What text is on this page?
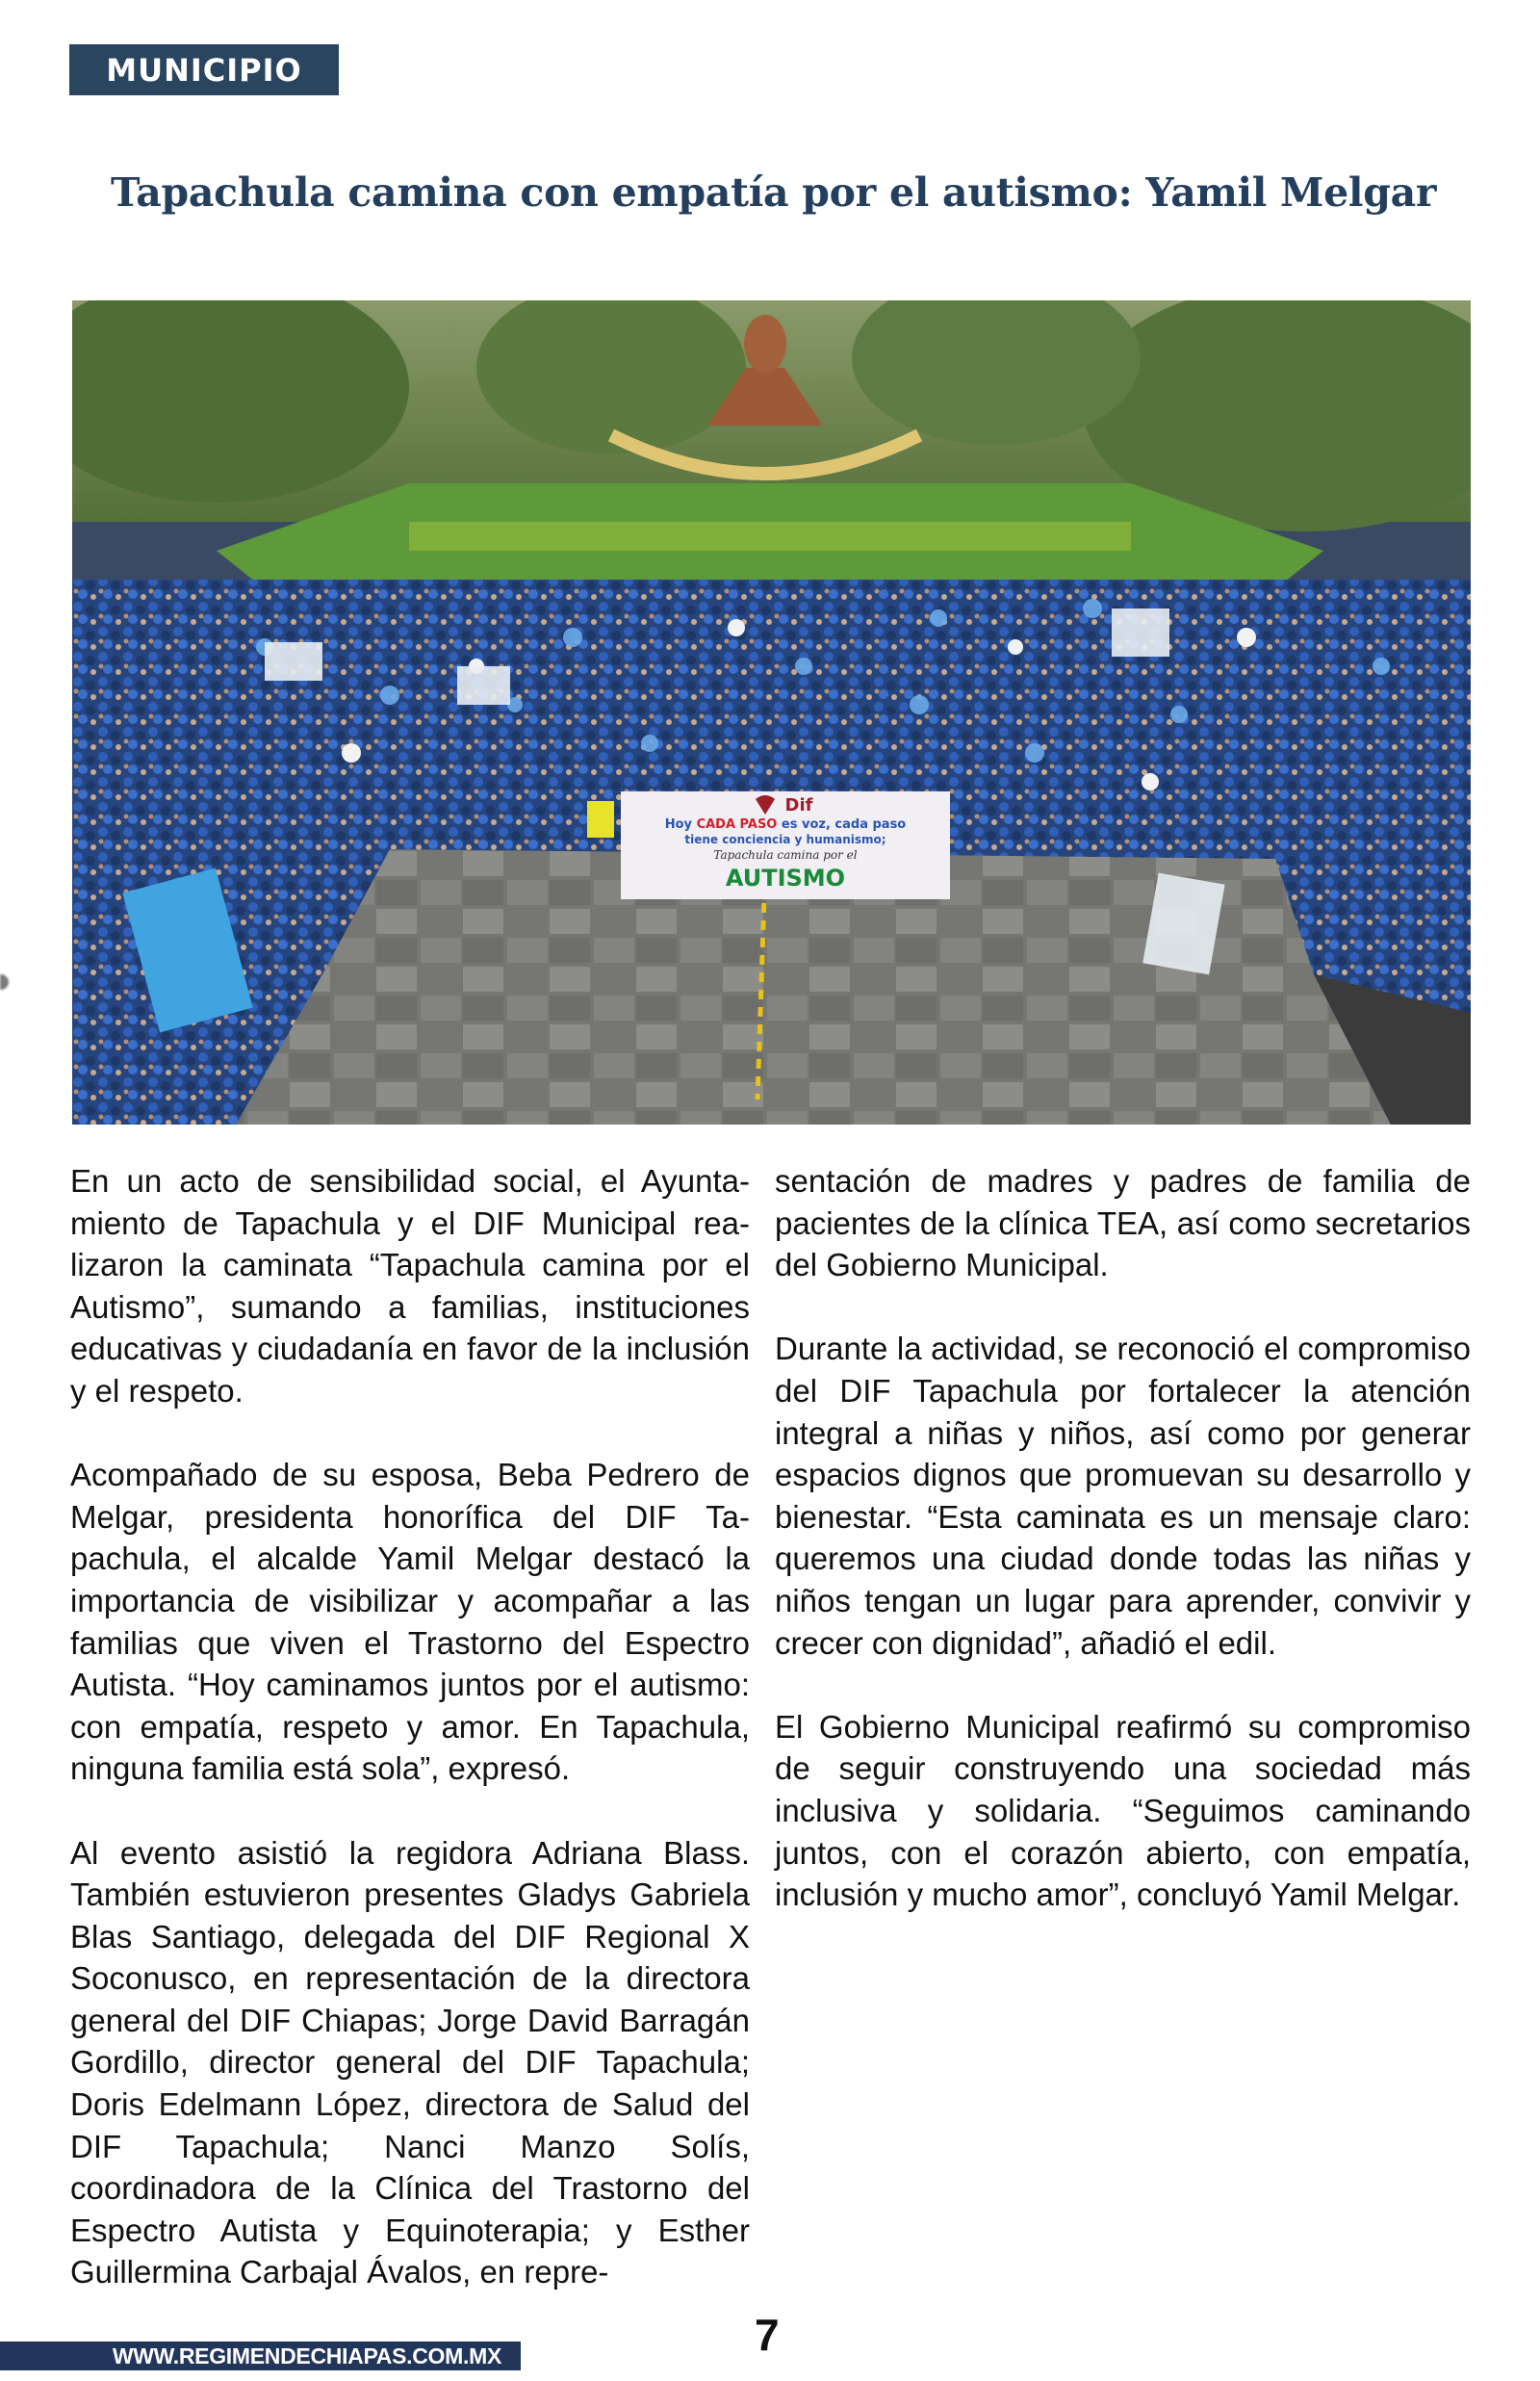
MUNICIPIO
Tapachula camina con empatía por el autismo: Yamil Melgar
Hoy CADA PASO es voz, cada paso
tiene conciencia y humanismo;
Tapachula camina por el
AUTISMO
Dif

En un acto de sensibilidad social, el Ayuntamiento de Tapachula y el DIF Municipal realizaron la caminata “Tapachula camina por el Autismo”, sumando a familias, instituciones educativas y ciudadanía en favor de la inclusión y el respeto.

Acompañado de su esposa, Beba Pedrero de Melgar, presidenta honorífica del DIF Tapachula, el alcalde Yamil Melgar destacó la importancia de visibilizar y acompañar a las familias que viven el Trastorno del Espectro Autista. “Hoy caminamos juntos por el autismo: con empatía, respeto y amor. En Tapachula, ninguna familia está sola”, expresó.

Al evento asistió la regidora Adriana Blass. También estuvieron presentes Gladys Gabriela Blas Santiago, delegada del DIF Regional X Soconusco, en representación de la directora general del DIF Chiapas; Jorge David Barragán Gordillo, director general del DIF Tapachula; Doris Edelmann López, directora de Salud del DIF Tapachula; Nanci Manzo Solís, coordinadora de la Clínica del Trastorno del Espectro Autista y Equinoterapia; y Esther Guillermina Carbajal Ávalos, en repre-

sentación de madres y padres de familia de pacientes de la clínica TEA, así como secretarios del Gobierno Municipal.

Durante la actividad, se reconoció el compromiso del DIF Tapachula por fortalecer la atención integral a niñas y niños, así como por generar espacios dignos que promuevan su desarrollo y bienestar. “Esta caminata es un mensaje claro: queremos una ciudad donde todas las niñas y niños tengan un lugar para aprender, convivir y crecer con dignidad”, añadió el edil.

El Gobierno Municipal reafirmó su compromiso de seguir construyendo una sociedad más inclusiva y solidaria. “Seguimos caminando juntos, con el corazón abierto, con empatía, inclusión y mucho amor”, concluyó Yamil Melgar.

WWW.REGIMENDECHIAPAS.COM.MX	7
